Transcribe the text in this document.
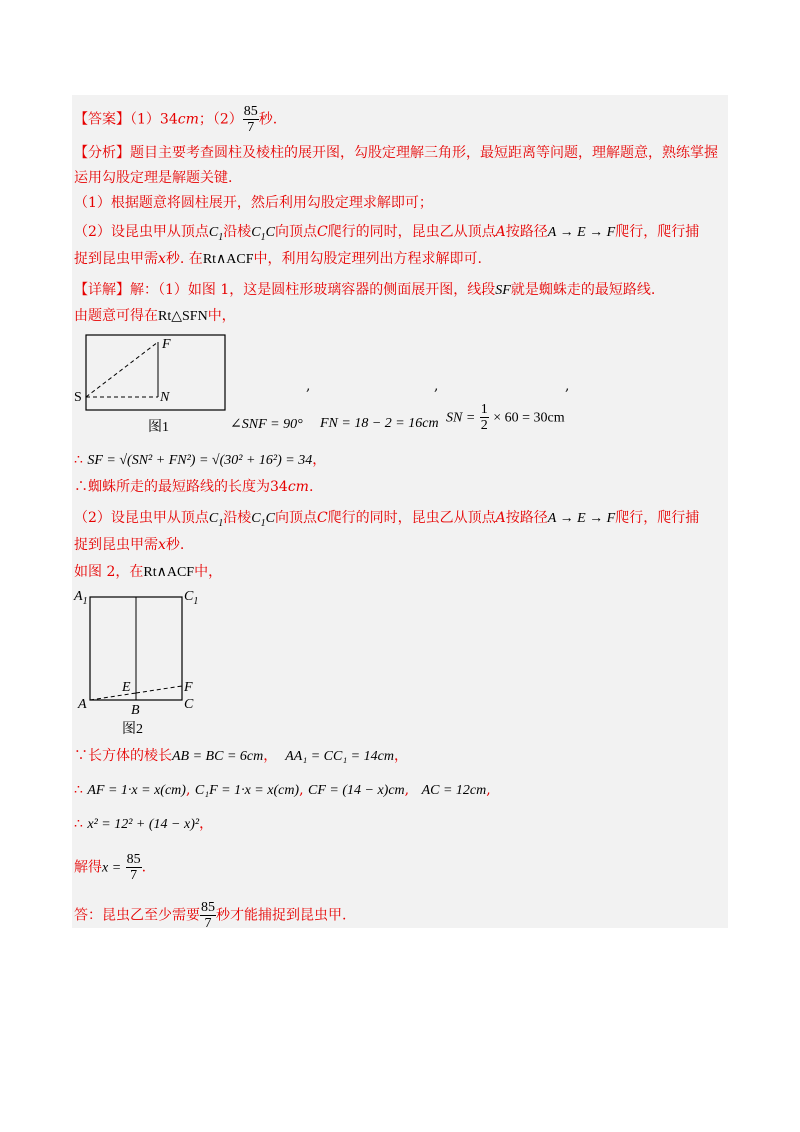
【答案】（1）34cm；$(2) \frac{85}{7}$ 秒.
【分析】题目主要考查圆柱及棱柱的展开图，勾股定理解三角形，最短距离等问题，理解题意，熟练掌握
运用勾股定理是解题关键.
（1）根据题意将圆柱展开，然后利用勾股定理求解即可；
（2）设昆虫甲从顶点$C_1$沿棱$C_1C$向顶点C爬行的同时，昆虫乙从顶点A按路径A → E → F爬行，爬行捕
捉到昆虫甲需x秒. 在Rt∧ACF中，利用勾股定理列出方程求解即可.
【详解】解：（1）如图 1，这是圆柱形玻璃容器的侧面展开图，线段SF就是蜘蛛走的最短路线.
由题意可得在Rt△SFN中，
F
S	N
图1
,	,	,
∠SNF = 90° FN = 18 − 2 = 16cm SN = $\frac{1}{2} \times 60 = 30cm$
∴ SF = √(SN² + FN²) = √(30² + 16²) = 34，
∴蜘蛛所走的最短路线的长度为34cm.
（2）设昆虫甲从顶点$C_1$沿棱$C_1C$向顶点C爬行的同时，昆虫乙从顶点A按路径A → E → F爬行，爬行捕
捉到昆虫甲需x秒.
如图 2，在Rt∧ACF中，
$A_1$	$C_1$
E	F
A	B	C
图2
∵长方体的棱长AB = BC = 6cm， AA₁ = CC₁ = 14cm，
∴ AF = 1·x = x(cm), C₁F = 1·x = x(cm), CF = (14 − x)cm, AC = 12cm,
∴ x² = 12² + (14 − x)²，
解得$x = \frac{85}{7}$ .
答：昆虫乙至少需要 $\frac{85}{7}$ 秒才能捕捉到昆虫甲.
